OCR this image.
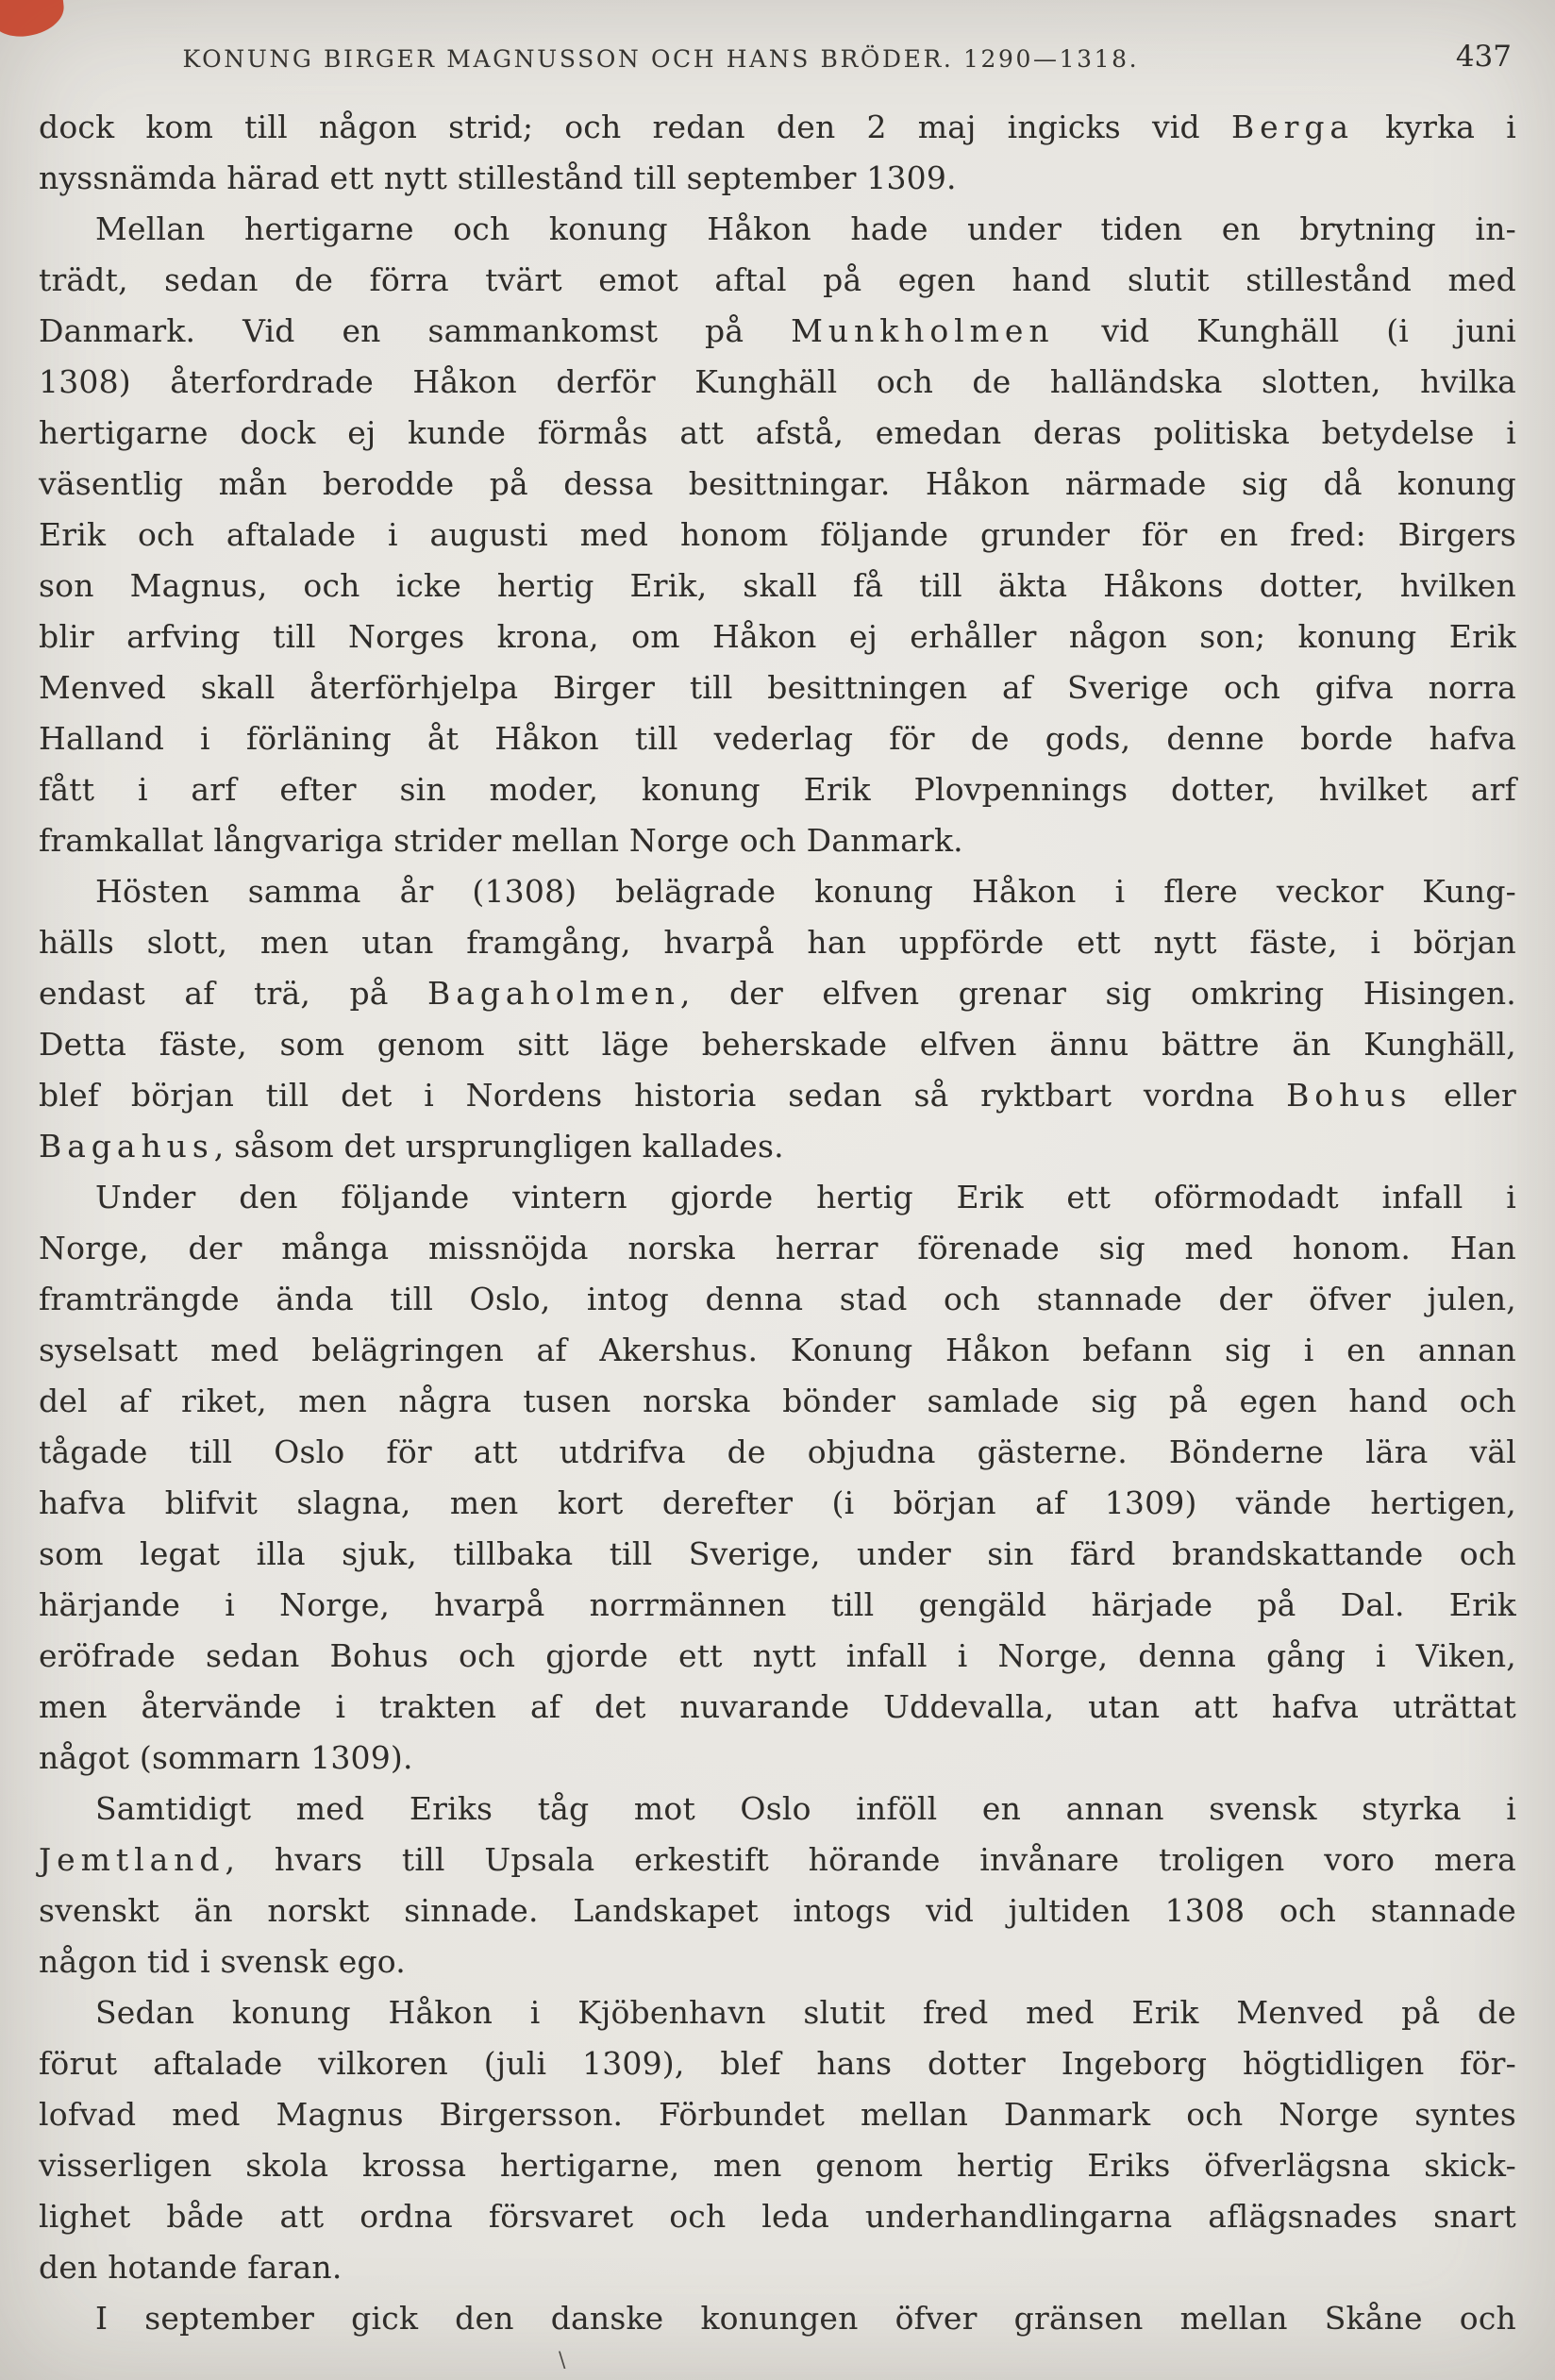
KONUNG BIRGER MAGNUSSON OCH HANS BRÖDER. 1290—1318.	437

dock kom till någon strid; och redan den 2 maj ingicks vid Berga kyrka i
nyssnämda härad ett nytt stillestånd till september 1309.

Mellan hertigarne och konung Håkon hade under tiden en brytning in-
trädt, sedan de förra tvärt emot aftal på egen hand slutit stillestånd med
Danmark. Vid en sammankomst på Munkholmen vid Kunghäll (i juni
1308) återfordrade Håkon derför Kunghäll och de halländska slotten, hvilka
hertigarne dock ej kunde förmås att afstå, emedan deras politiska betydelse i
väsentlig mån berodde på dessa besittningar. Håkon närmade sig då konung
Erik och aftalade i augusti med honom följande grunder för en fred: Birgers
son Magnus, och icke hertig Erik, skall få till äkta Håkons dotter, hvilken
blir arfving till Norges krona, om Håkon ej erhåller någon son; konung Erik
Menved skall återförhjelpa Birger till besittningen af Sverige och gifva norra
Halland i förläning åt Håkon till vederlag för de gods, denne borde hafva
fått i arf efter sin moder, konung Erik Plovpennings dotter, hvilket arf
framkallat långvariga strider mellan Norge och Danmark.

Hösten samma år (1308) belägrade konung Håkon i flere veckor Kung-
hälls slott, men utan framgång, hvarpå han uppförde ett nytt fäste, i början
endast af trä, på Bagaholmen, der elfven grenar sig omkring Hisingen.
Detta fäste, som genom sitt läge beherskade elfven ännu bättre än Kunghäll,
blef början till det i Nordens historia sedan så ryktbart vordna Bohus eller
Bagahus, såsom det ursprungligen kallades.

Under den följande vintern gjorde hertig Erik ett oförmodadt infall i
Norge, der många missnöjda norska herrar förenade sig med honom. Han
framträngde ända till Oslo, intog denna stad och stannade der öfver julen,
syselsatt med belägringen af Akershus. Konung Håkon befann sig i en annan
del af riket, men några tusen norska bönder samlade sig på egen hand och
tågade till Oslo för att utdrifva de objudna gästerne. Bönderne lära väl
hafva blifvit slagna, men kort derefter (i början af 1309) vände hertigen,
som legat illa sjuk, tillbaka till Sverige, under sin färd brandskattande och
härjande i Norge, hvarpå norrmännen till gengäld härjade på Dal. Erik
eröfrade sedan Bohus och gjorde ett nytt infall i Norge, denna gång i Viken,
men återvände i trakten af det nuvarande Uddevalla, utan att hafva uträttat
något (sommarn 1309).

Samtidigt med Eriks tåg mot Oslo inföll en annan svensk styrka i
Jemtland, hvars till Upsala erkestift hörande invånare troligen voro mera
svenskt än norskt sinnade. Landskapet intogs vid jultiden 1308 och stannade
någon tid i svensk ego.

Sedan konung Håkon i Kjöbenhavn slutit fred med Erik Menved på de
förut aftalade vilkoren (juli 1309), blef hans dotter Ingeborg högtidligen för-
lofvad med Magnus Birgersson. Förbundet mellan Danmark och Norge syntes
visserligen skola krossa hertigarne, men genom hertig Eriks öfverlägsna skick-
lighet både att ordna försvaret och leda underhandlingarna aflägsnades snart
den hotande faran.

I september gick den danske konungen öfver gränsen mellan Skåne och

\
